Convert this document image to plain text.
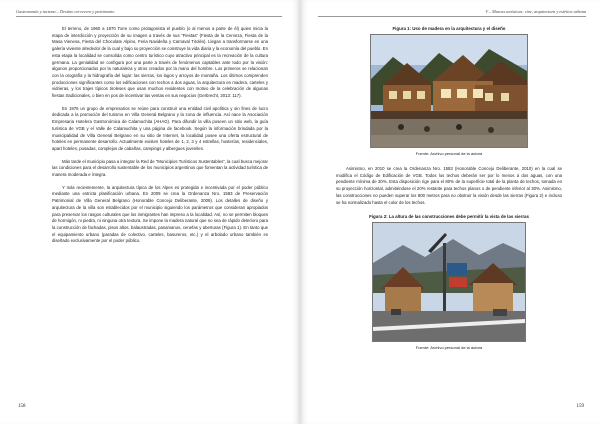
Gastronomía y turismo – Destino cervecero y patrimonio

El terreno, de 1960 a 1970 Torre como protagonista el pueblo (o al menos a parte de él) quien inicia la etapa de interdicción y proyección de su imagen a través de sus “Fiestas” (Fiesta de la Cerveza, Fiesta de la Masa Vienesa, Fiesta del Chocolate Alpino, Feria Navideña y Carnaval Tirolés). Llegan a transformarse en una galería viviente alrededor de la cual y bajo su proyección se construye la vida diaria y la economía del pueblo. En esta etapa la localidad se consolida como centro turístico cuyo atractivo principal es la recreación de la cultura germana. La genialidad se configura por una parte a través de fenómenos captables ante todo por la visión: algunos proporcionados por la naturaleza y otros creados por la mano del hombre. Los primeros se relacionan con la orografía y la hidrografía del lugar: las sierras, los lagos y arroyos de montaña. Los últimos comprenden producciones significantes como los edificaciones con techos a dos aguas, la arquitectura en madera, carteles y vidrieras, y los trajes típicos tiroleses que usan muchos residentes con motivo de la celebración de algunas fiestas tradicionales, o bien en pos de incentivar las ventas en sus negocios (Gerbrecht, 2013: 117).

En 1976 un grupo de empresarios se reúne para construir una entidad civil apolítica y sin fines de lucro dedicada a la promoción del turismo en Villa General Belgrano y la zona de influencia. Así nace la Asociación Empresaria Hotelera Gastronómica de Calamuchita (AHAG). Para difundir la villa poseen un sitio web, la guía turística de VGB y el Valle de Calamuchita y una página de facebook. Según la información brindada por la municipalidad de Villa General Belgrano en su sitio de Internet, la localidad posee una oferta estructural de hoteles en permanente desarrollo. Actualmente existen hoteles de 1, 2, 3 y 4 estrellas, hosterías, residenciales, apart hoteles, posadas, complejos de cabañas, campings y albergues juveniles.

Más tarde el municipio pasa a integrar la Red de “Municipios Turísticos Sustentables”, la cual busca mejorar las condiciones para el desarrollo sustentable de los municipios argentinos que fomentan la actividad turística de manera moderada e íntegra.

Y más recientemente, la arquitectura típica de los Alpes es protegida e incentivada por el poder público mediante una estricta planificación urbana. En 2009 se crea la Ordenanza Nro. 1583 de Preservación Patrimonial de Villa General Belgrano (Honorable Concejo Deliberante, 2009). Los detalles de diseño y arquitectura de la villa son establecidos por el municipio siguiendo los parámetros que consideran apropiados para preservar los rasgos culturales que los inmigrantes han impreso a la localidad. Así, no se permiten bloques de hormigón, ni piedra, ni ninguna otra textura. Se impone la madera natural que no sea de rápido deterioro para la construcción de fachadas, pisos altos, balaustradas, pasamanos, cenefas y aberturas (Figura 1). En tanto que el equipamiento urbano (paradas de colectivo, carteles, basureros, etc.) y el arbolado urbano también es diseñado exclusivamente por el poder público.

158
V – Marcas turísticas: cine, arquitectura y estética urbana
Figura 1: Uso de madera en la arquitectura y el diseño
Fuente: Archivo personal de la autora

Asimismo, en 2010 se crea la Ordenanza Nro. 1583 (Honorable Concejo Deliberante, 2010) en la cual se modifica el Código de Edificación de VGB. Todos los techos deberán ser por lo menos a dos aguas, con una pendiente mínima de 30%. Esta disposición rige para el 80% de la superficie total de la planta de techos, tomada en su proyección horizontal, admitiéndose el 20% restante para techos planos o de pendiente inferior al 30%. Asimismo, las construcciones no pueden superar los 800 metros para no obstruir la visión desde las sierras (Figura 2) e incluso se ha normalizado hasta el color de los techos.

Figura 2: La altura de las construcciones debe permitir la vista de las sierras
Fuente: Archivo personal de la autora
159
